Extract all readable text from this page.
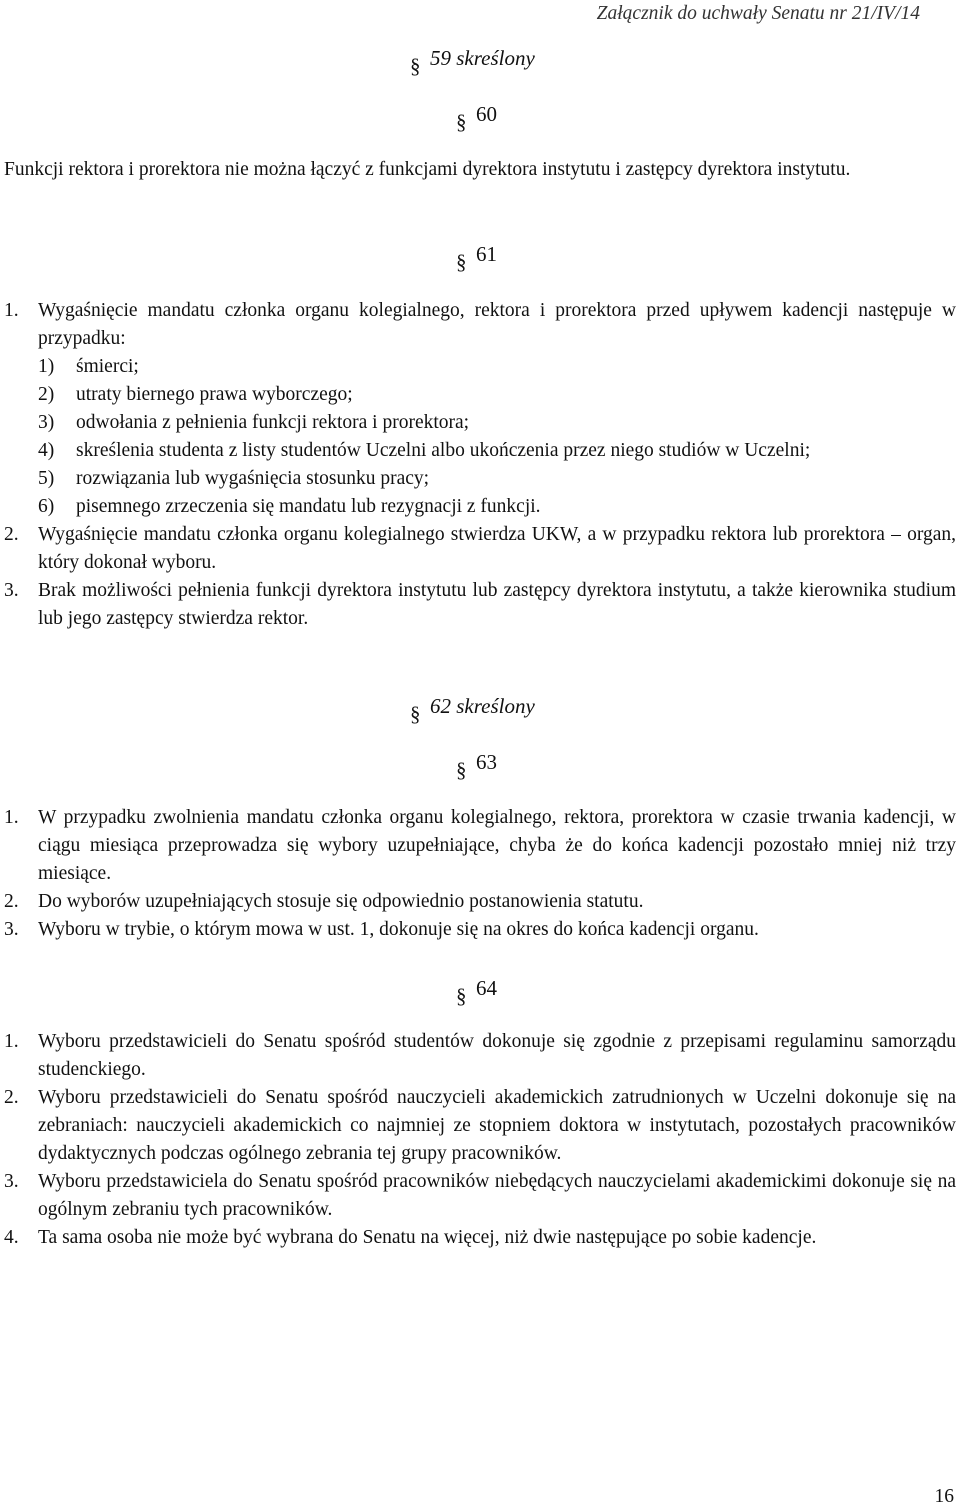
Załącznik do uchwały Senatu nr 21/IV/14
§59 skreślony
§60

Funkcji rektora i prorektora nie można łączyć z funkcjami dyrektora instytutu i zastępcy dyrektora instytutu.

§61
1. Wygaśnięcie mandatu członka organu kolegialnego, rektora i prorektora przed upływem kadencji następuje w przypadku:
1) śmierci;
2) utraty biernego prawa wyborczego;
3) odwołania z pełnienia funkcji rektora i prorektora;
4) skreślenia studenta z listy studentów Uczelni albo ukończenia przez niego studiów w Uczelni;
5) rozwiązania lub wygaśnięcia stosunku pracy;
6) pisemnego zrzeczenia się mandatu lub rezygnacji z funkcji.
2. Wygaśnięcie mandatu członka organu kolegialnego stwierdza UKW, a w przypadku rektora lub prorektora – organ, który dokonał wyboru.
3. Brak możliwości pełnienia funkcji dyrektora instytutu lub zastępcy dyrektora instytutu, a także kierownika studium lub jego zastępcy stwierdza rektor.
§62 skreślony
§63
1. W przypadku zwolnienia mandatu członka organu kolegialnego, rektora, prorektora w czasie trwania kadencji, w ciągu miesiąca przeprowadza się wybory uzupełniające, chyba że do końca kadencji pozostało mniej niż trzy miesiące.
2. Do wyborów uzupełniających stosuje się odpowiednio postanowienia statutu.
3. Wyboru w trybie, o którym mowa w ust. 1, dokonuje się na okres do końca kadencji organu.
§64
1. Wyboru przedstawicieli do Senatu spośród studentów dokonuje się zgodnie z przepisami regulaminu samorządu studenckiego.
2. Wyboru przedstawicieli do Senatu spośród nauczycieli akademickich zatrudnionych w Uczelni dokonuje się na zebraniach: nauczycieli akademickich co najmniej ze stopniem doktora w instytutach, pozostałych pracowników dydaktycznych podczas ogólnego zebrania tej grupy pracowników.
3. Wyboru przedstawiciela do Senatu spośród pracowników niebędących nauczycielami akademickimi dokonuje się na ogólnym zebraniu tych pracowników.
4. Ta sama osoba nie może być wybrana do Senatu na więcej, niż dwie następujące po sobie kadencje.
16
